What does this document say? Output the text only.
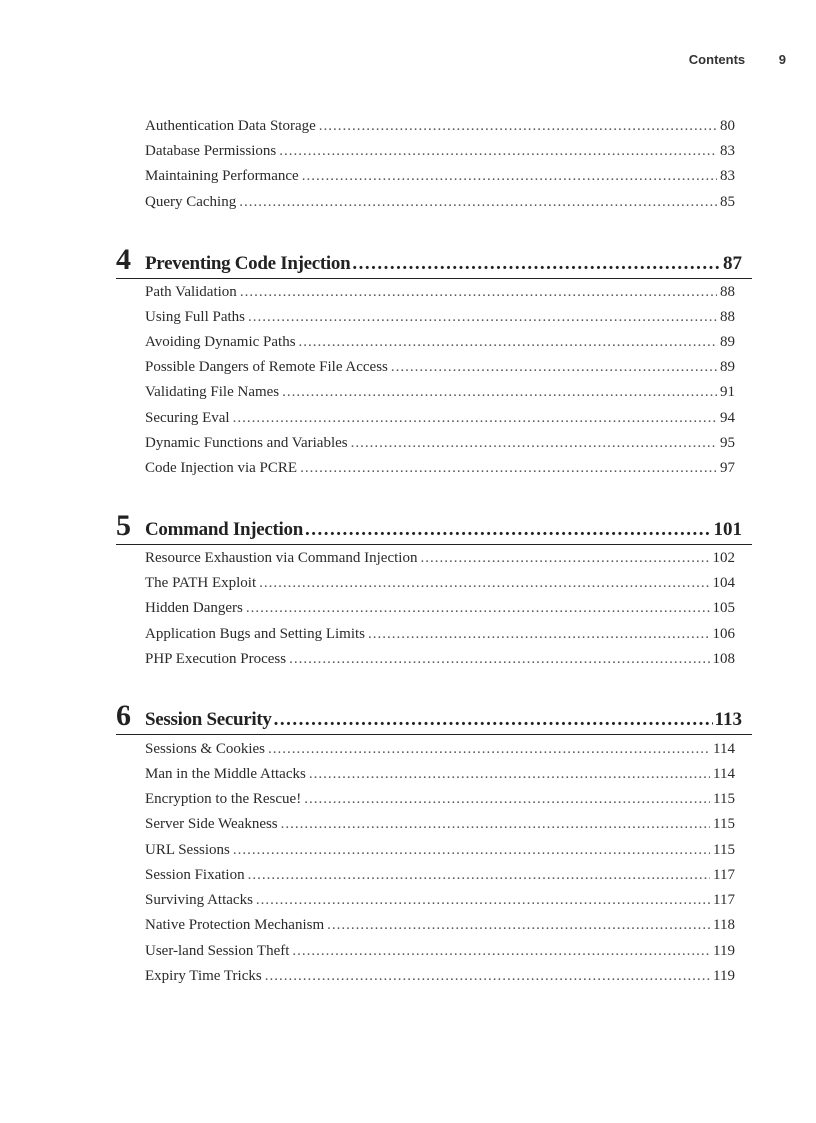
Contents	9
Authentication Data Storage .....	80
Database Permissions .....	83
Maintaining Performance .....	83
Query Caching .....	85
4 Preventing Code Injection .....	87
Path Validation .....	88
Using Full Paths .....	88
Avoiding Dynamic Paths .....	89
Possible Dangers of Remote File Access .....	89
Validating File Names .....	91
Securing Eval .....	94
Dynamic Functions and Variables .....	95
Code Injection via PCRE .....	97
5 Command Injection .....	101
Resource Exhaustion via Command Injection .....	102
The PATH Exploit .....	104
Hidden Dangers .....	105
Application Bugs and Setting Limits .....	106
PHP Execution Process .....	108
6 Session Security .....	113
Sessions & Cookies .....	114
Man in the Middle Attacks .....	114
Encryption to the Rescue! .....	115
Server Side Weakness .....	115
URL Sessions .....	115
Session Fixation .....	117
Surviving Attacks .....	117
Native Protection Mechanism .....	118
User-land Session Theft .....	119
Expiry Time Tricks .....	119
